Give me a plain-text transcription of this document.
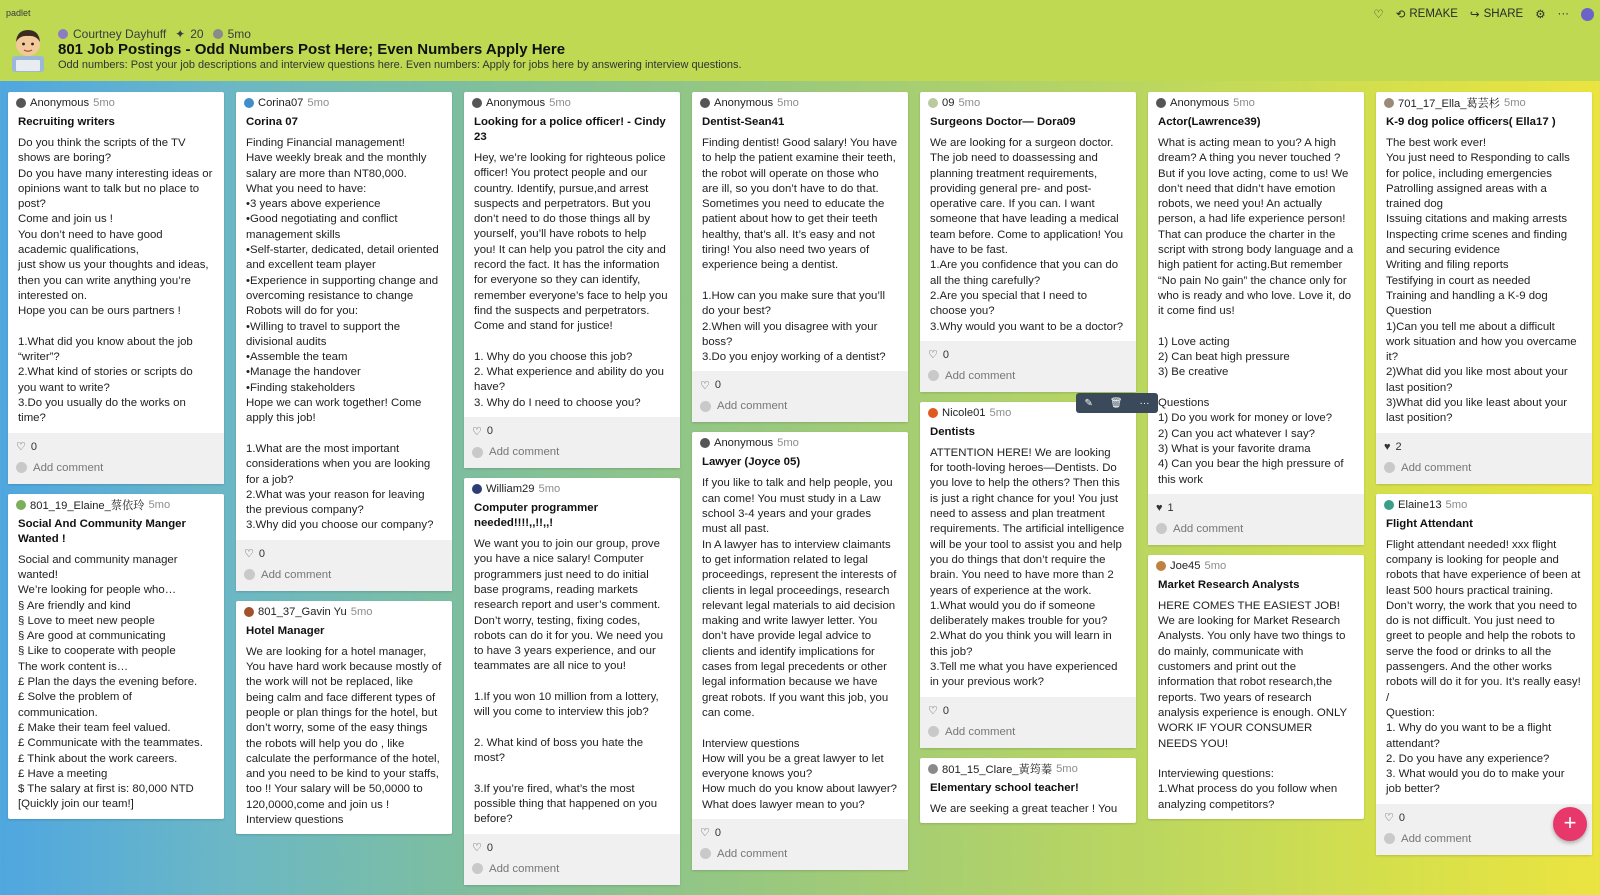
padlet
Courtney Dayhuff ✦ 20 5mo
801 Job Postings - Odd Numbers Post Here; Even Numbers Apply Here
Odd numbers: Post your job descriptions and interview questions here. Even numbers: Apply for jobs here by answering interview questions.
♡ ⟲ REMAKE ↪ SHARE ⚙ ···
Anonymous 5mo
Recruiting writers
Do you think the scripts of the TV shows are boring?
Do you have many interesting ideas or opinions want to talk but no place to post?
Come and join us !
You don’t need to have good academic qualifications,
just show us your thoughts and ideas, then you can write anything you’re interested on.
Hope you can be ours partners !

1.What did you know about the job “writer”?
2.What kind of stories or scripts do you want to write?
3.Do you usually do the works on time?
♡ 0
Add comment
801_19_Elaine_蔡依玲 5mo
Social And Community Manger Wanted !
Social and community manager wanted!
We’re looking for people who…
§ Are friendly and kind
§ Love to meet new people
§ Are good at communicating
§ Like to cooperate with people
The work content is…
£ Plan the days the evening before.
£ Solve the problem of communication.
£ Make their team feel valued.
£ Communicate with the teammates.
£ Think about the work careers.
£ Have a meeting
$ The salary at first is: 80,000 NTD
[Quickly join our team!]
Corina07 5mo
Corina 07
Finding Financial management!
Have weekly break and the monthly salary are more than NT80,000.
What you need to have:
•3 years above experience
•Good negotiating and conflict management skills
•Self-starter, dedicated, detail oriented and excellent team player
•Experience in supporting change and overcoming resistance to change
Robots will do for you:
•Willing to travel to support the divisional audits
•Assemble the team
•Manage the handover
•Finding stakeholders
Hope we can work together! Come apply this job!

1.What are the most important considerations when you are looking for a job?
2.What was your reason for leaving the previous company?
3.Why did you choose our company?
♡ 0
Add comment
801_37_Gavin Yu 5mo
Hotel Manager
We are looking for a hotel manager, You have hard work because mostly of the work will not be replaced, like being calm and face different types of people or plan things for the hotel, but don’t worry, some of the easy things the robots will help you do , like calculate the performance of the hotel, and you need to be kind to your staffs, too !! Your salary will be 50,0000 to 120,0000,come and join us !
Interview questions
Anonymous 5mo
Looking for a police officer! - Cindy 23
Hey, we’re looking for righteous police officer! You protect people and our country. Identify, pursue,and arrest suspects and perpetrators. But you don’t need to do those things all by yourself, you’ll have robots to help you! It can help you patrol the city and record the fact. It has the information for everyone so they can identify, remember everyone’s face to help you find the suspects and perpetrators. Come and stand for justice!

1. Why do you choose this job?
2. What experience and ability do you have?
3. Why do I need to choose you?
♡ 0
Add comment
William29 5mo
Computer programmer needed!!!!,,!!,,!
We want you to join our group, prove you have a nice salary! Computer programmers just need to do initial base programs, reading markets research report and user’s comment. Don’t worry, testing, fixing codes, robots can do it for you. We need you to have 3 years experience, and our teammates are all nice to you!

1.If you won 10 million from a lottery, will you come to interview this job?

2. What kind of boss you hate the most?

3.If you’re fired, what’s the most possible thing that happened on you before?
♡ 0
Add comment
Anonymous 5mo
Dentist-Sean41
Finding dentist! Good salary! You have to help the patient examine their teeth, the robot will operate on those who are ill, so you don’t have to do that. Sometimes you need to educate the patient about how to get their teeth healthy, that’s all. It’s easy and not tiring! You also need two years of experience being a dentist.

1.How can you make sure that you’ll do your best?
2.When will you disagree with your boss?
3.Do you enjoy working of a dentist?
♡ 0
Add comment
Anonymous 5mo
Lawyer (Joyce 05)
If you like to talk and help people, you can come! You must study in a Law school 3-4 years and your grades must all past.
In A lawyer has to interview claimants to get information related to legal proceedings, represent the interests of clients in legal proceedings, research relevant legal materials to aid decision making and write lawyer letter. You don’t have provide legal advice to clients and identify implications for cases from legal precedents or other legal information because we have great robots. If you want this job, you can come.

Interview questions
How will you be a great lawyer to let everyone knows you?
How much do you know about lawyer?
What does lawyer mean to you?
♡ 0
Add comment
09 5mo
Surgeons Doctor— Dora09
We are looking for a surgeon doctor. The job need to doassessing and planning treatment requirements, providing general pre- and post-operative care. If you can. I want someone that have leading a medical team before. Come to application! You have to be fast.
1.Are you confidence that you can do all the thing carefully?
2.Are you special that I need to choose you?
3.Why would you want to be a doctor?
♡ 0
Add comment
Nicole01 5mo
Dentists
ATTENTION HERE! We are looking for tooth-loving heroes—Dentists. Do you love to help the others? Then this is just a right chance for you! You just need to assess and plan treatment requirements. The artificial intelligence will be your tool to assist you and help you do things that don’t require the brain. You need to have more than 2 years of experience at the work.
1.What would you do if someone deliberately makes trouble for you?
2.What do you think you will learn in this job?
3.Tell me what you have experienced in your previous work?
♡ 0
Add comment
801_15_Clare_黃筠蓁 5mo
Elementary school teacher!
We are seeking a great teacher ! You
Anonymous 5mo
Actor(Lawrence39)
What is acting mean to you? A high dream? A thing you never touched ? But if you love acting, come to us! We don’t need that didn’t have emotion robots, we need you! An actually person, a had life experience person! That can produce the charter in the script with strong body language and a high patient for acting.But remember “No pain No gain” the chance only for who is ready and who love. Love it, do it come find us!

1) Love acting
2) Can beat high pressure
3) Be creative

Questions
1) Do you work for money or love?
2) Can you act whatever I say?
3) What is your favorite drama
4) Can you bear the high pressure of this work
♥ 1
Add comment
Joe45 5mo
Market Research Analysts
HERE COMES THE EASIEST JOB! We are looking for Market Research Analysts. You only have two things to do mainly, communicate with customers and print out the information that robot research,the reports. Two years of research analysis experience is enough. ONLY WORK IF YOUR CONSUMER NEEDS YOU!

Interviewing questions:
1.What process do you follow when analyzing competitors?
701_17_Ella_葛芸杉 5mo
K-9 dog police officers( Ella17 )
The best work ever!
You just need to Responding to calls for police, including emergencies
Patrolling assigned areas with a trained dog
Issuing citations and making arrests
Inspecting crime scenes and finding and securing evidence
Writing and filing reports
Testifying in court as needed
Training and handling a K-9 dog
Question
1)Can you tell me about a difficult work situation and how you overcame it?
2)What did you like most about your last position?
3)What did you like least about your last position?
♥ 2
Add comment
Elaine13 5mo
Flight Attendant
Flight attendant needed! xxx flight company is looking for people and robots that have experience of been at least 500 hours practical training. Don’t worry, the work that you need to do is not difficult. You just need to greet to people and help the robots to serve the food or drinks to all the passengers. And the other works robots will do it for you. It’s really easy!
/
Question:
1. Why do you want to be a flight attendant?
2. Do you have any experience?
3. What would you do to make your job better?
♡ 0
Add comment
✎ 🗑 ···
+
